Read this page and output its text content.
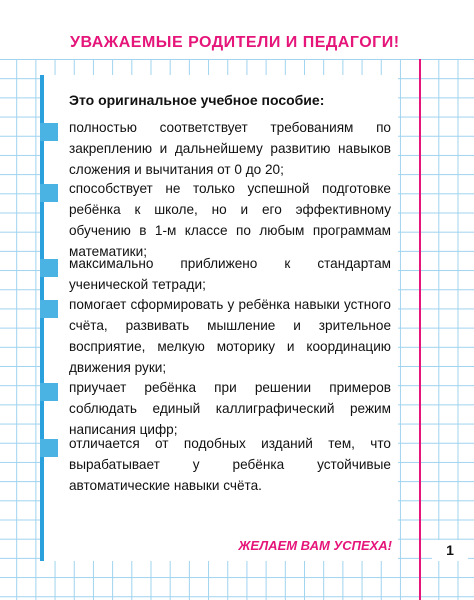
УВАЖАЕМЫЕ РОДИТЕЛИ И ПЕДАГОГИ!

Это оригинальное учебное пособие:

полностью соответствует требованиям по закреплению и дальнейшему развитию навыков сложения и вычитания от 0 до 20;
способствует не только успешной подготовке ребёнка к школе, но и его эффективному обучению в 1-м классе по любым программам математики;
максимально приближено к стандартам ученической тетради;
помогает сформировать у ребёнка навыки устного счёта, развивать мышление и зрительное восприятие, мелкую моторику и координацию движения руки;
приучает ребёнка при решении примеров соблюдать единый каллиграфический режим написания цифр;
отличается от подобных изданий тем, что вырабатывает у ребёнка устойчивые автоматические навыки счёта.

ЖЕЛАЕМ ВАМ УСПЕХА!	1
